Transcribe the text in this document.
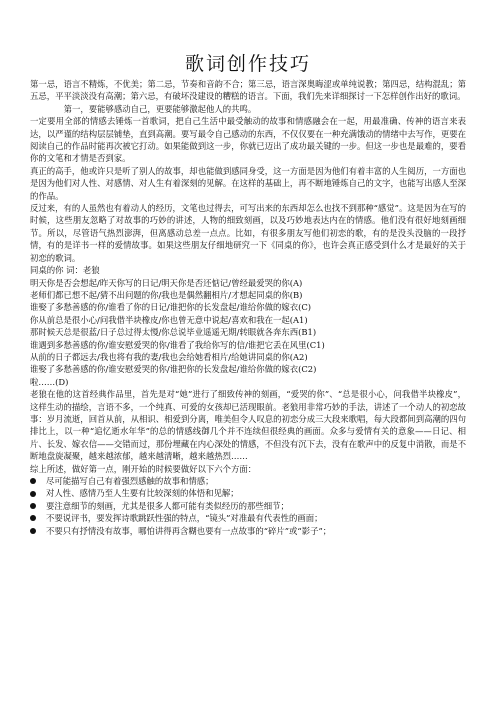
歌词创作技巧

第一忌，语言不精炼，不优美；第二忌，节奏和音韵不合；第三忌，语言深奥晦涩或单纯说教；第四忌，结构混乱；第五忌，平平淡淡没有高潮；第六忌，有破坏没建设的糟糕的语言。下面，我们先来详细探讨一下怎样创作出好的歌词。

第一，要能够感动自己，更要能够激起他人的共鸣。

一定要用全部的情感去锤炼一首歌词，把自己生活中最受触动的故事和情感融会在一起，用最准确、传神的语言来表达，以严谨的结构层层铺垫，直到高潮。要写最令自己感动的东西，不仅仅要在一种充满饿动的情绪中去写作，更要在阅读自己的作品时能再次被它打动。如果能做到这一步，你就已迈出了成功最关键的一步。但这一步也是最难的，要看你的文笔和才情是否到家。

真正的高手，他或许只是听了别人的故事，却也能做到感同身受，这一方面是因为他们有着丰富的人生阅历，一方面也是因为他们对人性、对感情、对人生有着深刻的见解。在这样的基础上，再不断地锤炼自己的文字，也能写出感人至深的作品。

反过来，有的人虽然也有着动人的经历，文笔也过得去，可写出来的东西却怎么也找不到那种“感觉”。这是因为在写的时候，这些朋友忽略了对故事的巧妙的讲述，人物的细致刻画，以及巧妙地表达内在的情感。他们没有很好地刻画细节。所以，尽管语气热烈澎湃，但离感动总差一点点。比如，有很多朋友写他们初恋的歌，有的是没头没脑的一段抒情，有的是详书一样的爱情故事。如果这些朋友仔细地研究一下《同桌的你》，也许会真正感受到什么才是最好的关于初恋的歌词。

同桌的你 词：老狼

明天你是否会想起/昨天你写的日记/明天你是否还惦记/曾经最爱哭的你(A)

老师们都已想不起/猜不出问题的你/我也是偶然翻相片/才想起同桌的你(B)

谁娶了多愁善感的你/谁看了你的日记/谁把你的长发盘起/谁给你做的嫁衣(C)

你从前总是很小心/问我借半块橡皮/你也曾无意中说起/喜欢和我在一起(A1)

那时候天总是很蓝/日子总过得太慢/你总说毕业遥遥无期/转眼就各奔东西(B1)

谁遇到多愁善感的你/谁安慰爱哭的你/谁看了我给你写的信/谁把它丢在风里(C1)

从前的日子都远去/我也将有我的妻/我也会给她看相片/给她讲同桌的你(A2)

谁娶了多愁善感的你/谁安慰爱哭的你/谁把你的长发盘起/谁给你做的嫁衣(C2)

啦……(D)

老狼在他的这首经典作品里，首先是对“她”进行了细致传神的刻画，“爱哭的你”、“总是很小心，问我借半块橡皮”，这样生动的描绘，言语不多，一个纯真、可爱的女孩却已活现眼前。老狼用非常巧妙的手法，讲述了一个动人的初恋故事：岁月流逝，回首从前，从相识、相爱到分离，唯美但令人叹息的初恋分成三大段来歌唱，每大段都间到高潮的四句排比上，以一种“追忆逝水年华”的总的情感线御几个并不连续但很经典的画面。众多与爱情有关的意象——日记、相片、长发、嫁衣信——交错而过，那份埋藏在内心深处的情感，不但没有沉下去，没有在歌声中的反复中消散，而是不断地盘旋凝聚，越来越浓郁，越来越清晰，越来越热烈……

综上所述，做好第一点，刚开始的时候要做好以下六个方面：

尽可能描写自己有着强烈感触的故事和情感；
对人性、感情乃至人生要有比较深刻的体悟和见解；
要注意细节的刻画，尤其是很多人都可能有类似经历的那些细节；
不要说评书，要发挥诗歌跳跃性强的特点，“镜头”对准最有代表性的画面；
不要只有抒情没有故事，哪怕讲得再含糊也要有一点故事的“碎片”或“影子”；
